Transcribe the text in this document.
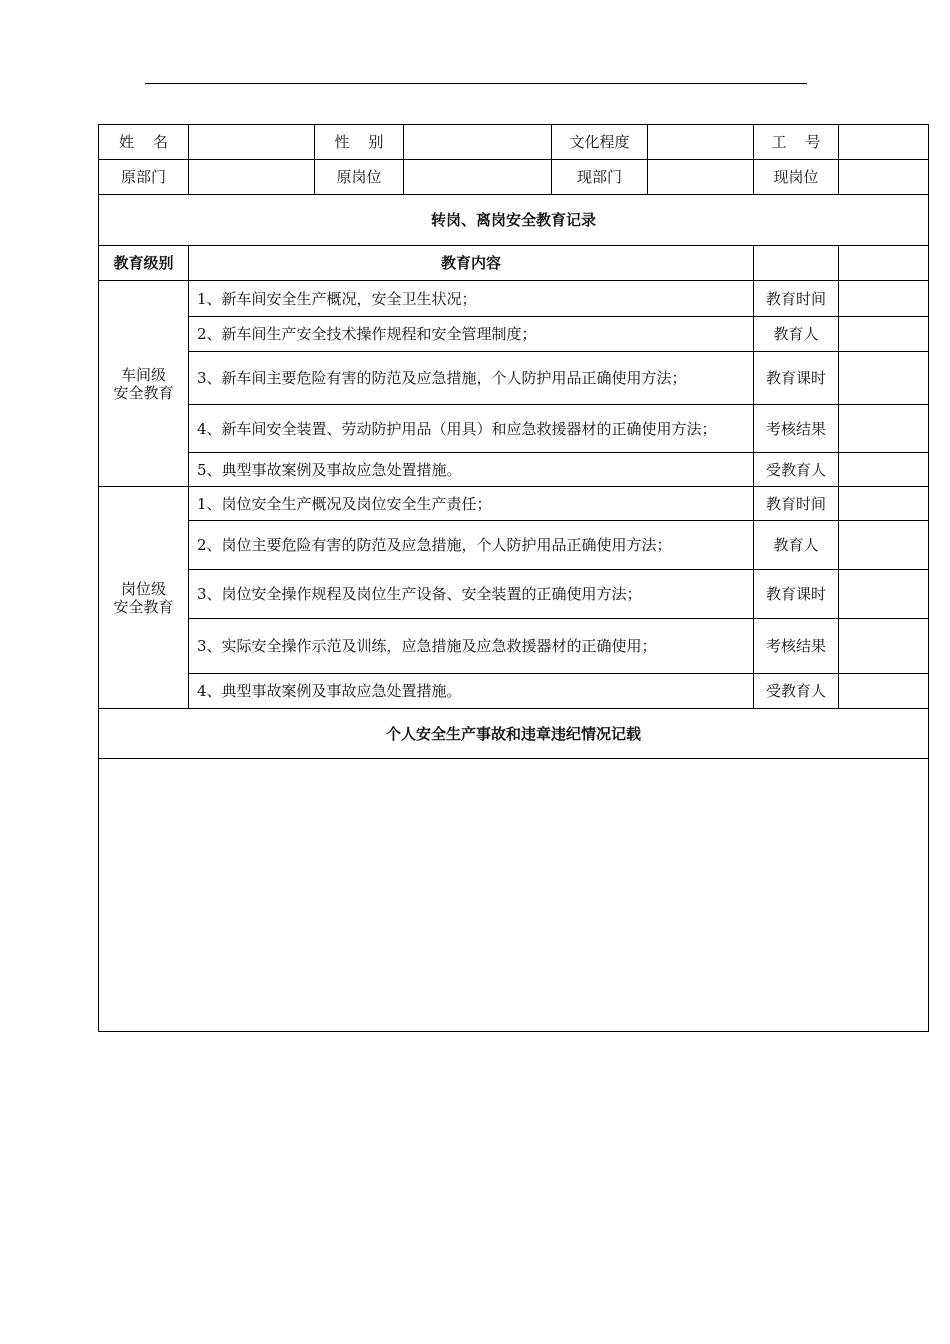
姓    名		性    别		文化程度		工    号	
原部门		原岗位		现部门		现岗位	
转岗、离岗安全教育记录							
教育级别	教育内容						

车间级
安全教育	1、新车间安全生产概况，安全卫生状况；					教育时间	
	2、新车间生产安全技术操作规程和安全管理制度；					教育人	
	3、新车间主要危险有害的防范及应急措施，个人防护用品正确使用方法；					教育课时	
	4、新车间安全装置、劳动防护用品（用具）和应急救援器材的正确使用方法；					考核结果	
	5、典型事故案例及事故应急处置措施。					受教育人	

岗位级
安全教育	1、岗位安全生产概况及岗位安全生产责任；					教育时间	
	2、岗位主要危险有害的防范及应急措施，个人防护用品正确使用方法；					教育人	
	3、岗位安全操作规程及岗位生产设备、安全装置的正确使用方法；					教育课时	
	3、实际安全操作示范及训练，应急措施及应急救援器材的正确使用；					考核结果	
	4、典型事故案例及事故应急处置措施。					受教育人	
个人安全生产事故和违章违纪情况记载							
